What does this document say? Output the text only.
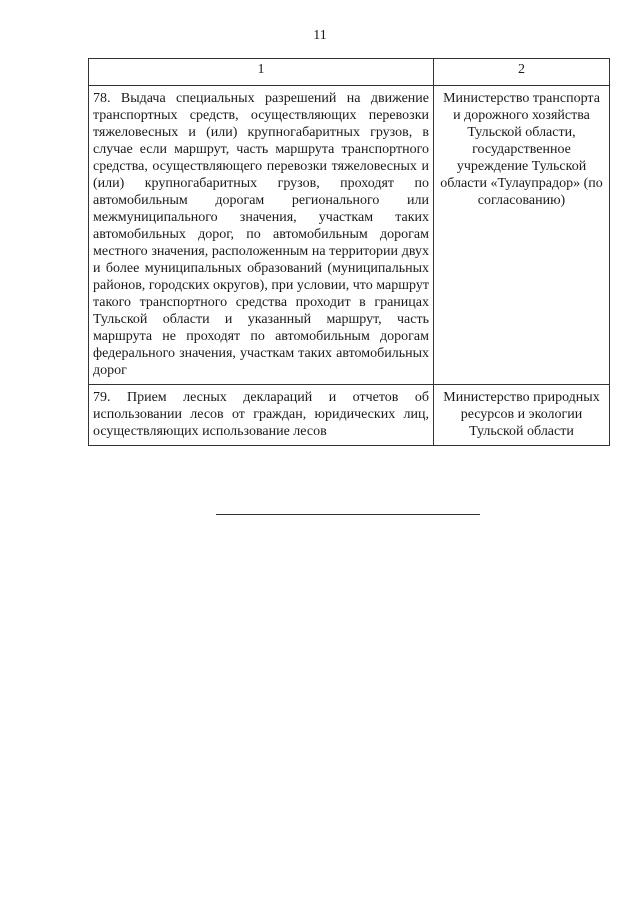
11
1	2
78. Выдача специальных разрешений на движение транспортных средств, осуществляющих перевозки тяжеловесных и (или) крупногабаритных грузов, в случае если маршрут, часть маршрута транспортного средства, осуществляющего перевозки тяжеловесных и (или) крупногабаритных грузов, проходят по автомобильным дорогам регионального или межмуниципального значения, участкам таких автомобильных дорог, по автомобильным дорогам местного значения, расположенным на территории двух и более муниципальных образований (муниципальных районов, городских округов), при условии, что маршрут такого транспортного средства проходит в границах Тульской области и указанный маршрут, часть маршрута не проходят по автомобильным дорогам федерального значения, участкам таких автомобильных дорог	Министерство транспорта и дорожного хозяйства Тульской области, государственное учреждение Тульской области «Тулаупрадор» (по согласованию)
79. Прием лесных деклараций и отчетов об использовании лесов от граждан, юридических лиц, осуществляющих использование лесов	Министерство природных ресурсов и экологии Тульской области
